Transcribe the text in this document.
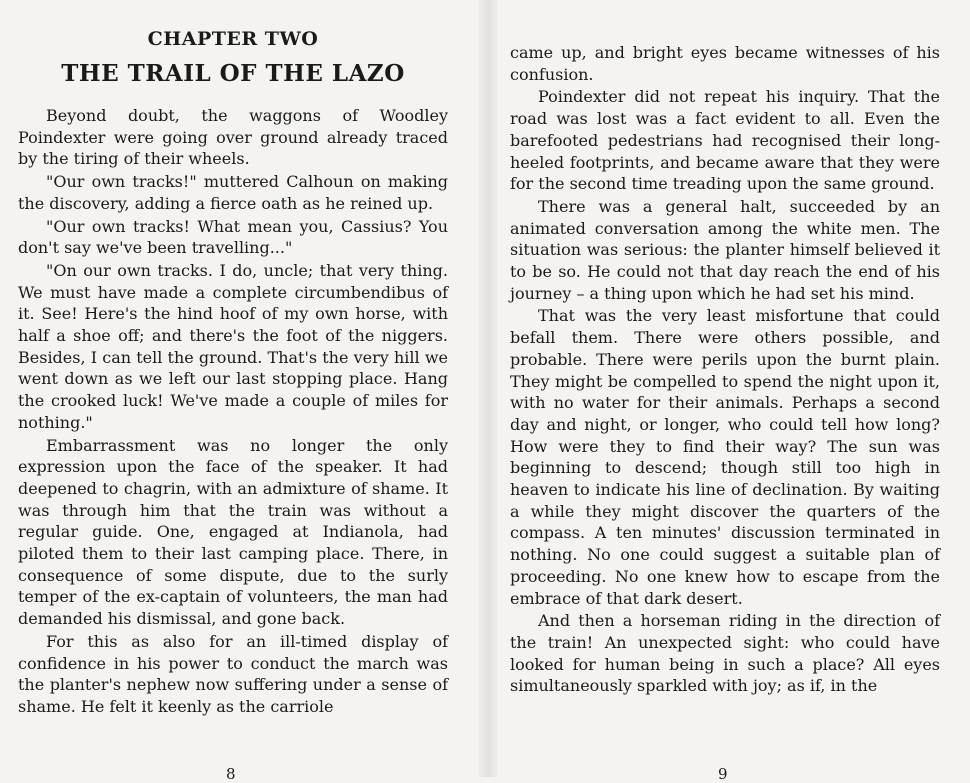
CHAPTER TWO
THE TRAIL OF THE LAZO

Beyond doubt, the waggons of Woodley Poindexter were going over ground already traced by the tiring of their wheels.

"Our own tracks!" muttered Calhoun on making the discovery, adding a fierce oath as he reined up.

"Our own tracks! What mean you, Cassius? You don't say we've been travelling..."

"On our own tracks. I do, uncle; that very thing. We must have made a complete circumbendibus of it. See! Here's the hind hoof of my own horse, with half a shoe off; and there's the foot of the niggers. Besides, I can tell the ground. That's the very hill we went down as we left our last stopping place. Hang the crooked luck! We've made a couple of miles for nothing."

Embarrassment was no longer the only expression upon the face of the speaker. It had deepened to chagrin, with an admixture of shame. It was through him that the train was without a regular guide. One, engaged at Indianola, had piloted them to their last camping place. There, in consequence of some dispute, due to the surly temper of the ex-captain of volunteers, the man had demanded his dismissal, and gone back.

For this as also for an ill-timed display of confidence in his power to conduct the march was the planter's nephew now suffering under a sense of shame. He felt it keenly as the carriole

came up, and bright eyes became witnesses of his confusion.

Poindexter did not repeat his inquiry. That the road was lost was a fact evident to all. Even the barefooted pedestrians had recognised their long-heeled footprints, and became aware that they were for the second time treading upon the same ground.

There was a general halt, succeeded by an animated conversation among the white men. The situation was serious: the planter himself believed it to be so. He could not that day reach the end of his journey – a thing upon which he had set his mind.

That was the very least misfortune that could befall them. There were others possible, and probable. There were perils upon the burnt plain. They might be compelled to spend the night upon it, with no water for their animals. Perhaps a second day and night, or longer, who could tell how long? How were they to find their way? The sun was beginning to descend; though still too high in heaven to indicate his line of declination. By waiting a while they might discover the quarters of the compass. A ten minutes' discussion terminated in nothing. No one could suggest a suitable plan of proceeding. No one knew how to escape from the embrace of that dark desert.

And then a horseman riding in the direction of the train! An unexpected sight: who could have looked for human being in such a place? All eyes simultaneously sparkled with joy; as if, in the

8	9
